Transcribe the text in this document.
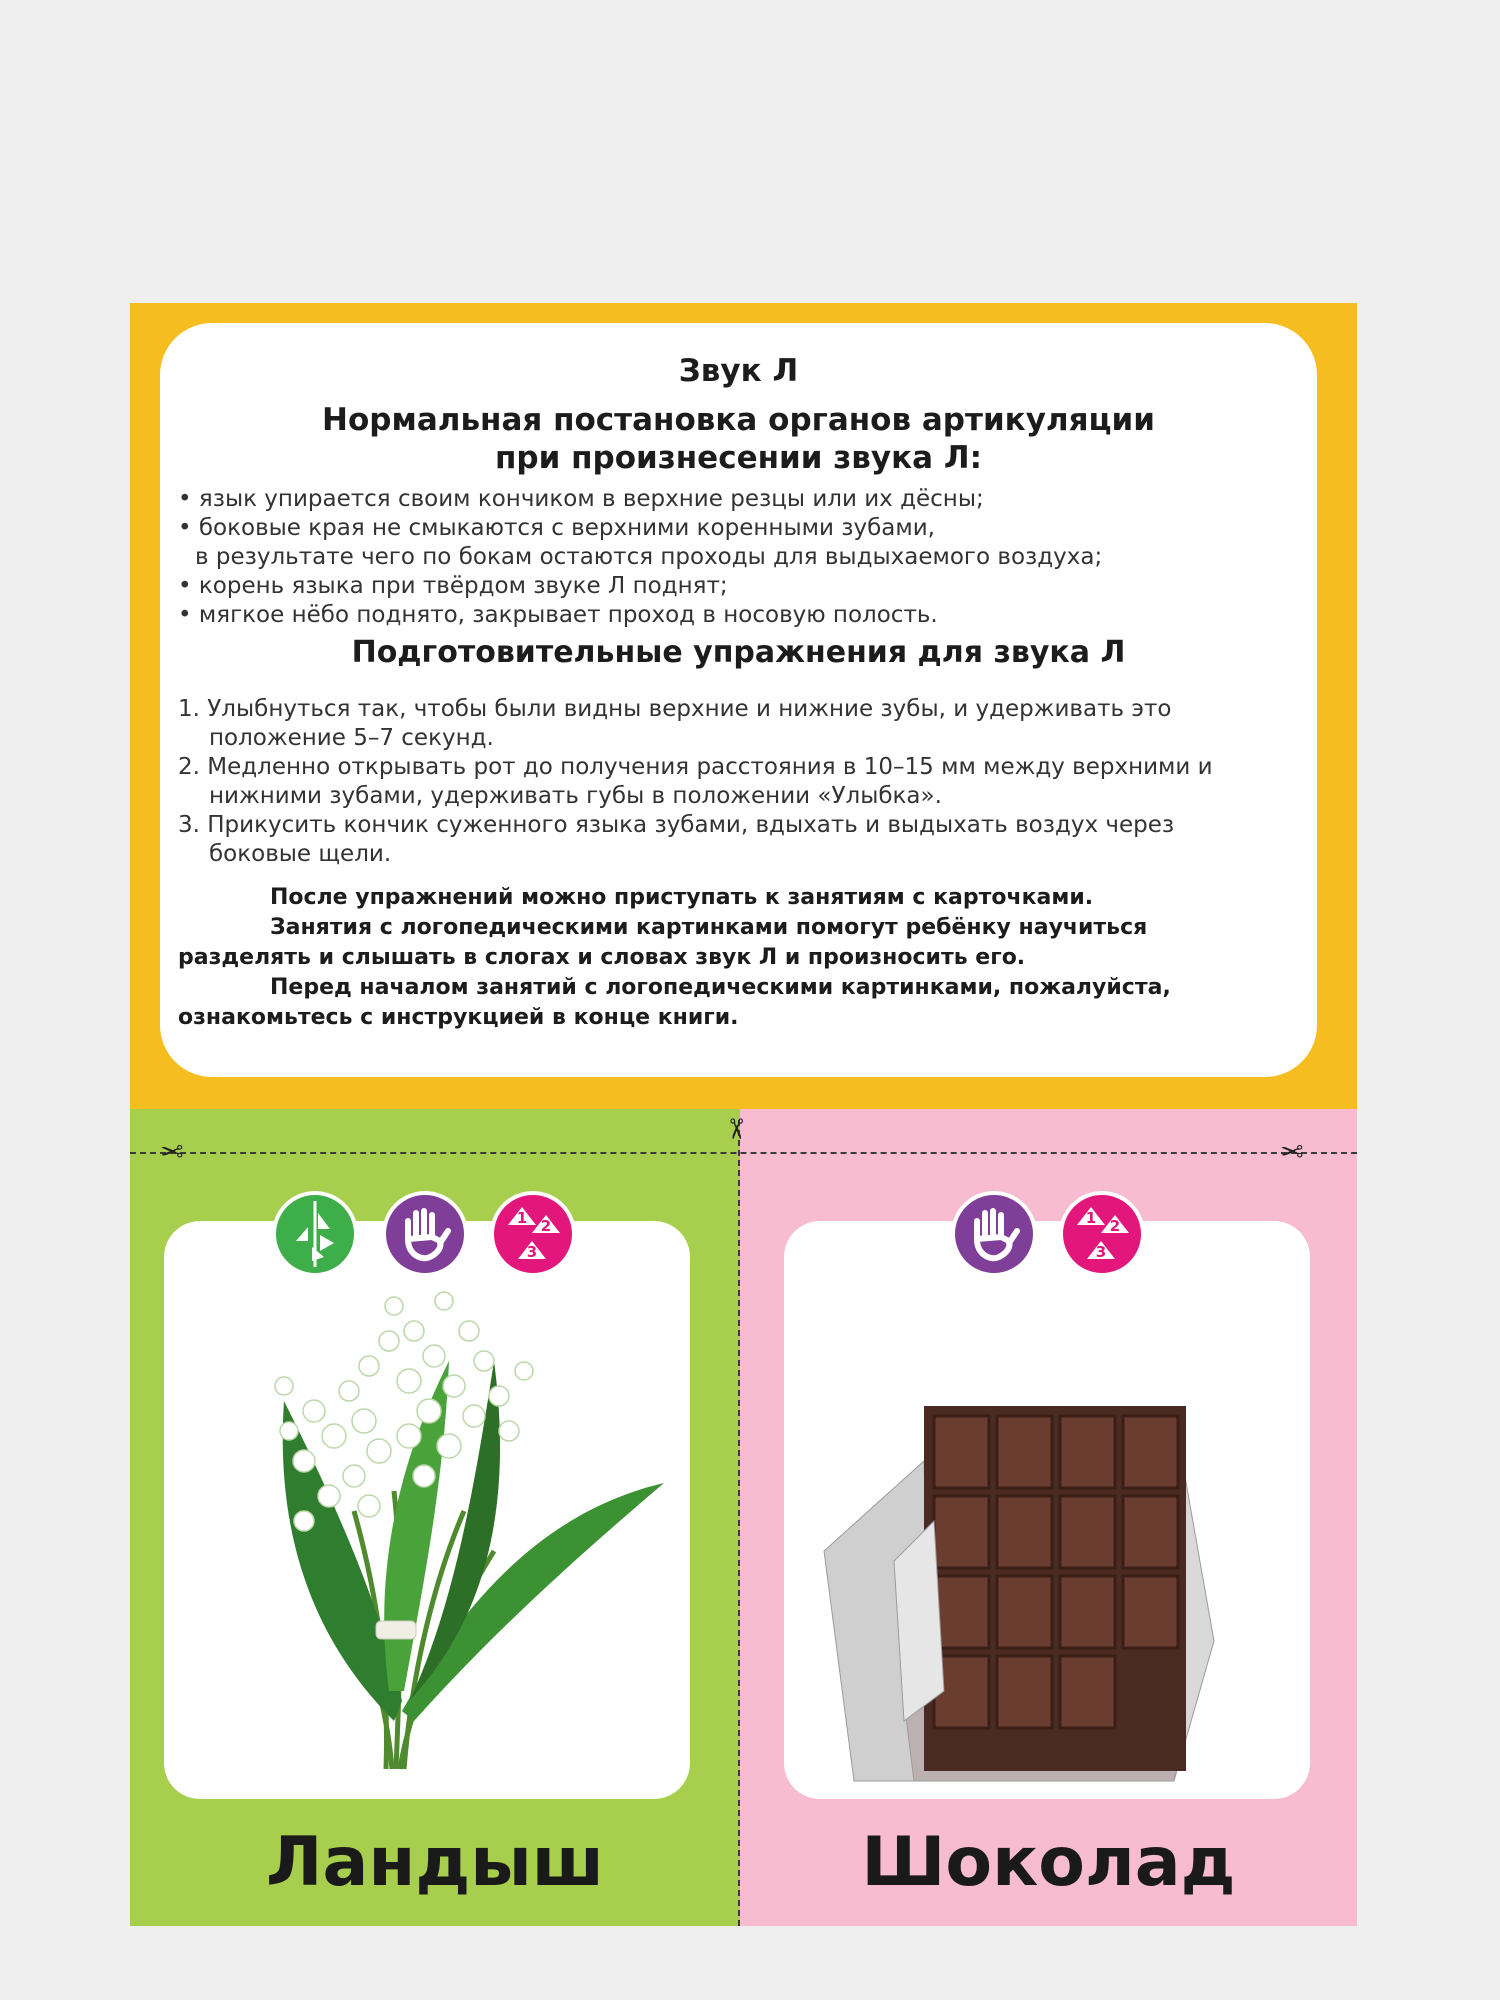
Звук Л
Нормальная постановка органов артикуляции
при произнесении звука Л:
• язык упирается своим кончиком в верхние резцы или их дёсны;
• боковые края не смыкаются с верхними коренными зубами,
в результате чего по бокам остаются проходы для выдыхаемого воздуха;
• корень языка при твёрдом звуке Л поднят;
• мягкое нёбо поднято, закрывает проход в носовую полость.
Подготовительные упражнения для звука Л
1. Улыбнуться так, чтобы были видны верхние и нижние зубы, и удерживать это
положение 5–7 секунд.
2. Медленно открывать рот до получения расстояния в 10–15 мм между верхними и
нижними зубами, удерживать губы в положении «Улыбка».
3. Прикусить кончик суженного языка зубами, вдыхать и выдыхать воздух через
боковые щели.
После упражнений можно приступать к занятиям с карточками.
Занятия с логопедическими картинками помогут ребёнку научиться
разделять и слышать в слогах и словах звук Л и произносить его.
Перед началом занятий с логопедическими картинками, пожалуйста,
ознакомьтесь с инструкцией в конце книги.
✂
✂
✂
Ландыш	Шоколад
1 2
3
1 2
3
